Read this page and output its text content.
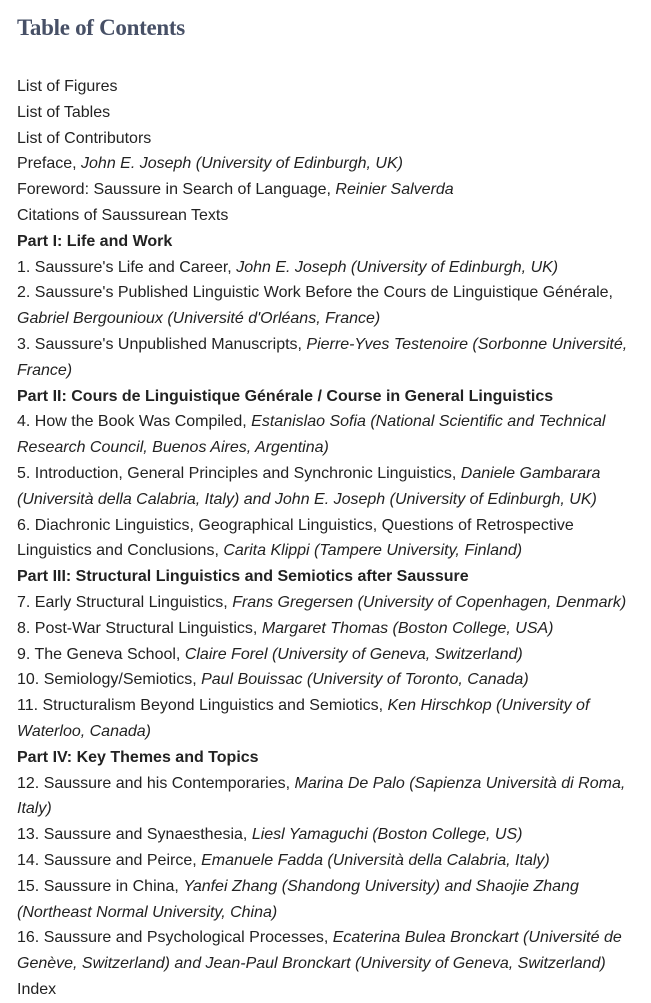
Table of Contents
List of Figures
List of Tables
List of Contributors
Preface, John E. Joseph (University of Edinburgh, UK)
Foreword: Saussure in Search of Language, Reinier Salverda
Citations of Saussurean Texts
Part I: Life and Work
1. Saussure's Life and Career, John E. Joseph (University of Edinburgh, UK)
2. Saussure's Published Linguistic Work Before the Cours de Linguistique Générale, Gabriel Bergounioux (Université d'Orléans, France)
3. Saussure's Unpublished Manuscripts, Pierre-Yves Testenoire (Sorbonne Université, France)
Part II: Cours de Linguistique Générale / Course in General Linguistics
4. How the Book Was Compiled, Estanislao Sofia (National Scientific and Technical Research Council, Buenos Aires, Argentina)
5. Introduction, General Principles and Synchronic Linguistics, Daniele Gambarara (Università della Calabria, Italy) and John E. Joseph (University of Edinburgh, UK)
6. Diachronic Linguistics, Geographical Linguistics, Questions of Retrospective Linguistics and Conclusions, Carita Klippi (Tampere University, Finland)
Part III: Structural Linguistics and Semiotics after Saussure
7. Early Structural Linguistics, Frans Gregersen (University of Copenhagen, Denmark)
8. Post-War Structural Linguistics, Margaret Thomas (Boston College, USA)
9. The Geneva School, Claire Forel (University of Geneva, Switzerland)
10. Semiology/Semiotics, Paul Bouissac (University of Toronto, Canada)
11. Structuralism Beyond Linguistics and Semiotics, Ken Hirschkop (University of Waterloo, Canada)
Part IV: Key Themes and Topics
12. Saussure and his Contemporaries, Marina De Palo (Sapienza Università di Roma, Italy)
13. Saussure and Synaesthesia, Liesl Yamaguchi (Boston College, US)
14. Saussure and Peirce, Emanuele Fadda (Università della Calabria, Italy)
15. Saussure in China, Yanfei Zhang (Shandong University) and Shaojie Zhang (Northeast Normal University, China)
16. Saussure and Psychological Processes, Ecaterina Bulea Bronckart (Université de Genève, Switzerland) and Jean-Paul Bronckart (University of Geneva, Switzerland)
Index
